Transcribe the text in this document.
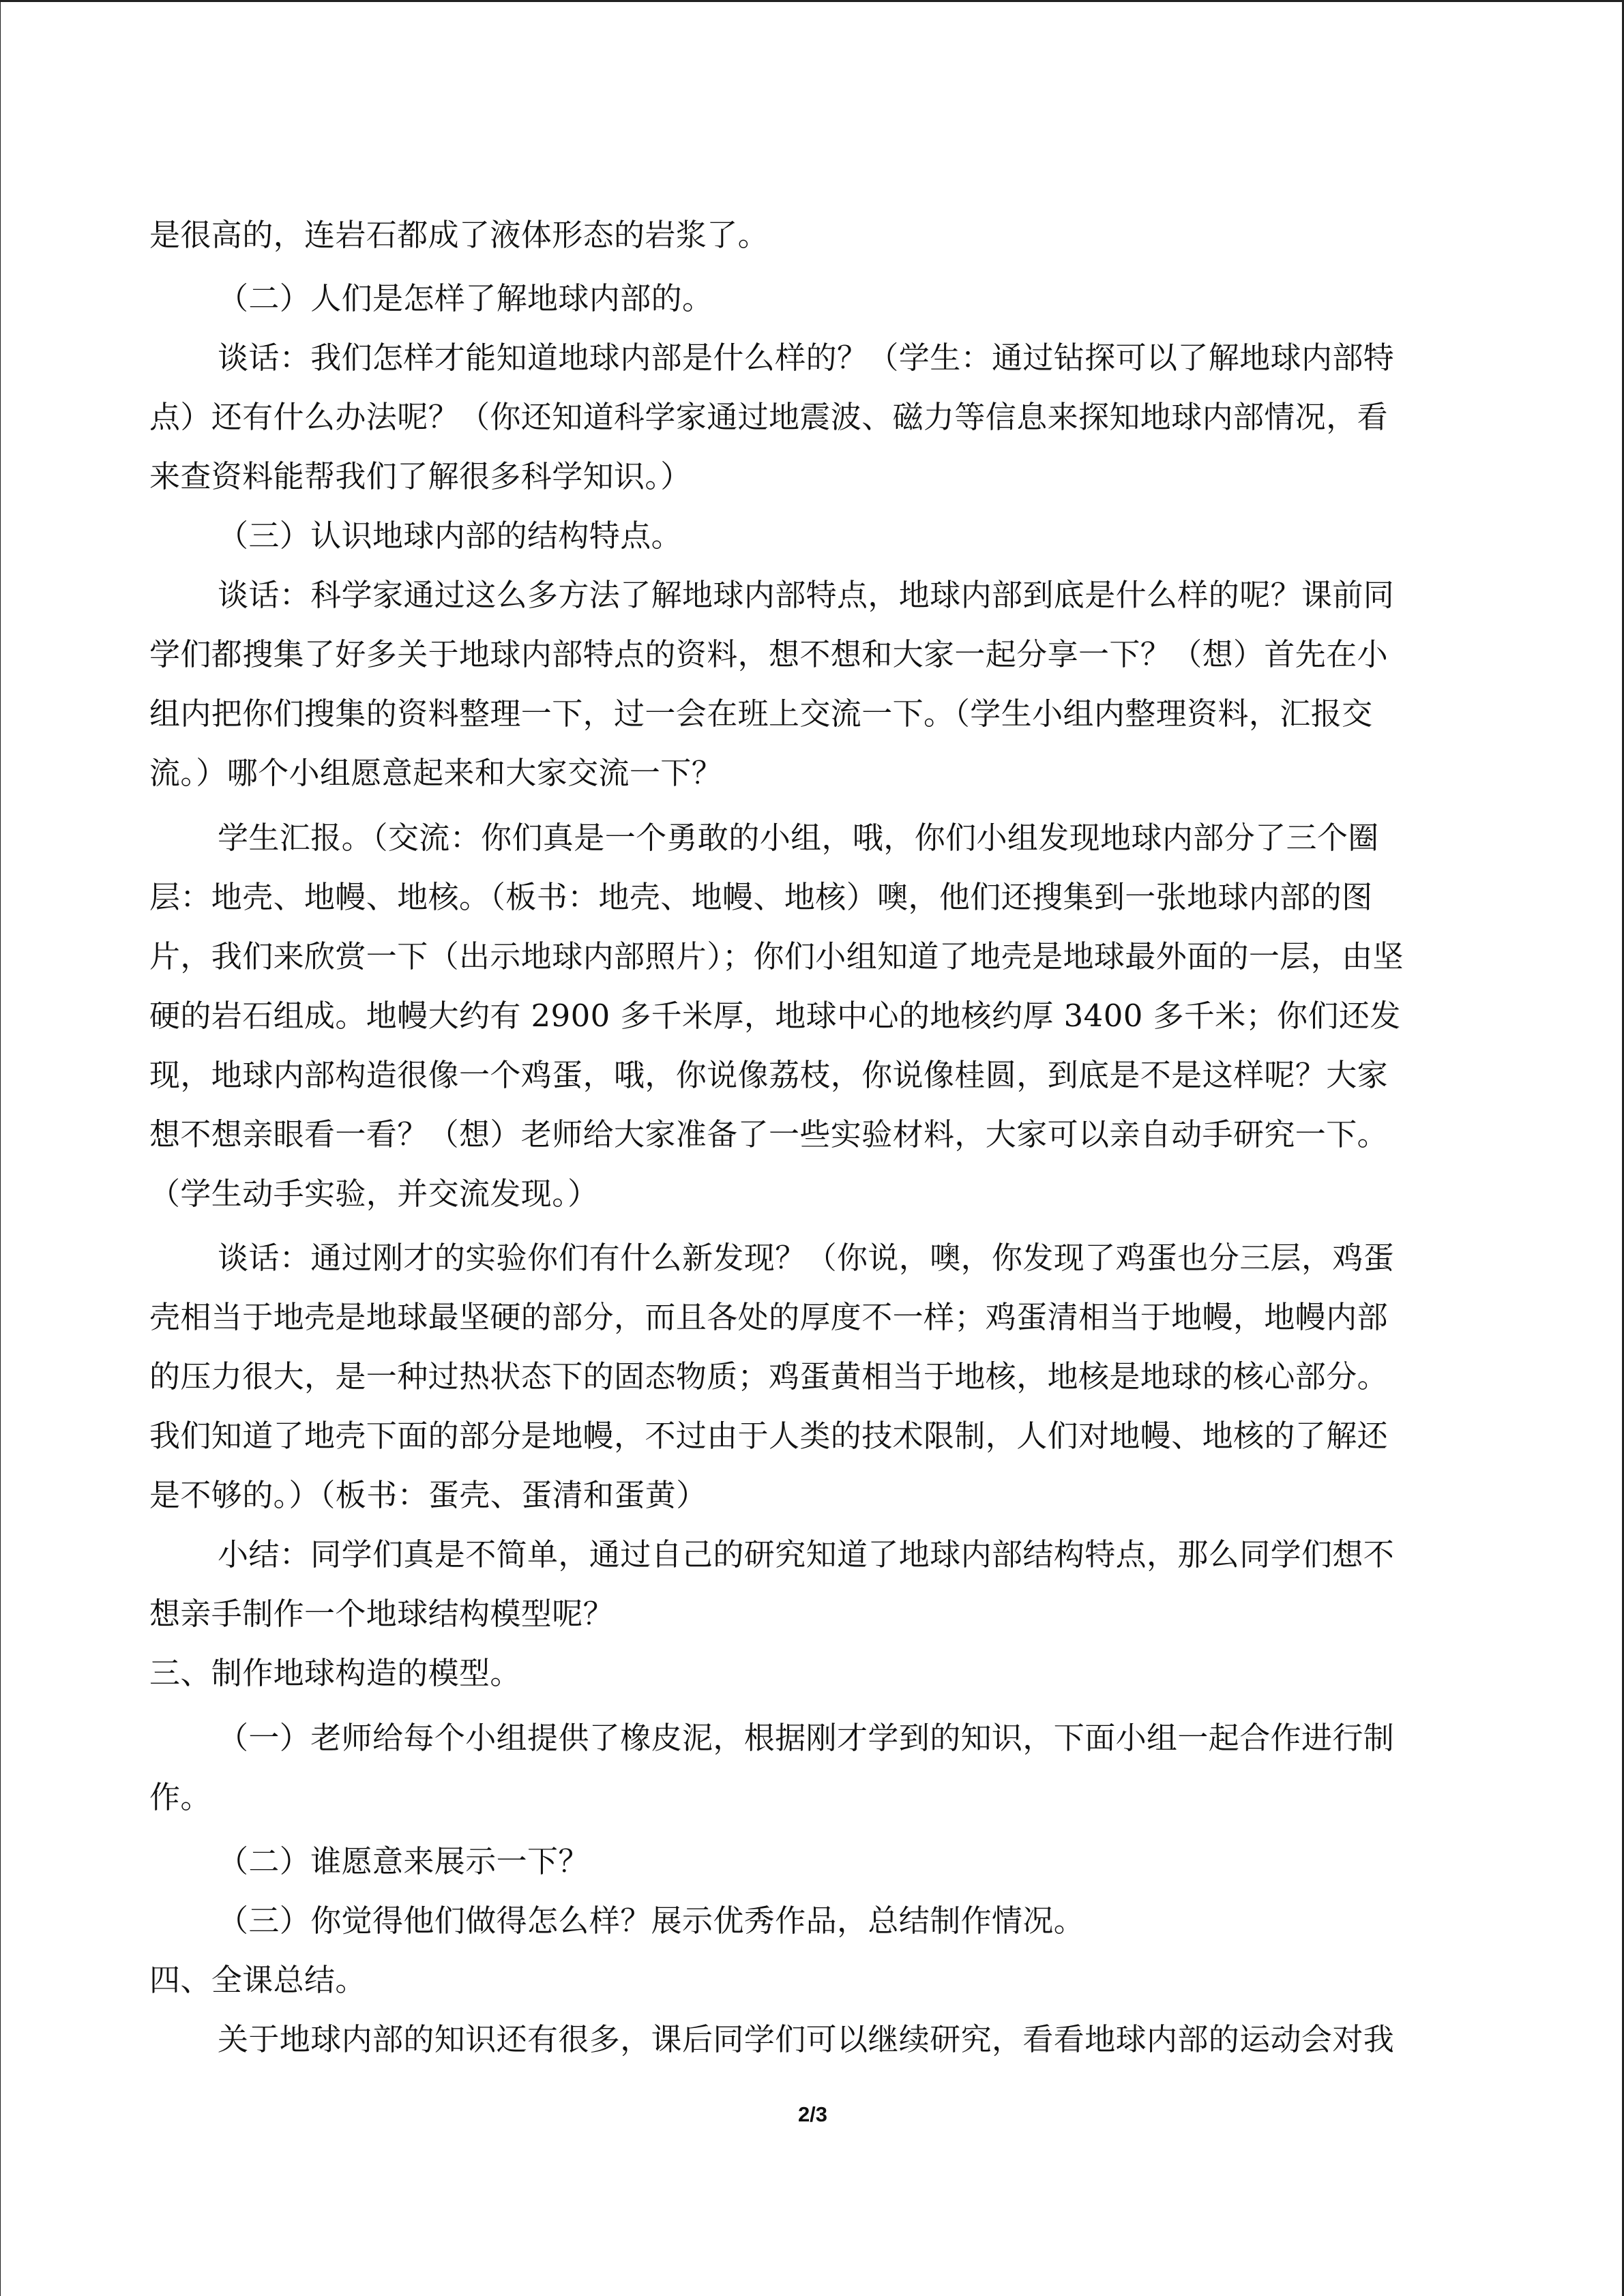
是很高的，连岩石都成了液体形态的岩浆了。
（二）人们是怎样了解地球内部的。
谈话：我们怎样才能知道地球内部是什么样的？（学生：通过钻探可以了解地球内部特
点）还有什么办法呢？（你还知道科学家通过地震波、磁力等信息来探知地球内部情况，看
来查资料能帮我们了解很多科学知识。）
（三）认识地球内部的结构特点。
谈话：科学家通过这么多方法了解地球内部特点，地球内部到底是什么样的呢？课前同
学们都搜集了好多关于地球内部特点的资料，想不想和大家一起分享一下？（想）首先在小
组内把你们搜集的资料整理一下，过一会在班上交流一下。（学生小组内整理资料，汇报交
流。）哪个小组愿意起来和大家交流一下？
学生汇报。（交流：你们真是一个勇敢的小组，哦，你们小组发现地球内部分了三个圈
层：地壳、地幔、地核。（板书：地壳、地幔、地核）噢，他们还搜集到一张地球内部的图
片，我们来欣赏一下（出示地球内部照片）；你们小组知道了地壳是地球最外面的一层，由坚
硬的岩石组成。地幔大约有 2900 多千米厚，地球中心的地核约厚 3400 多千米；你们还发
现，地球内部构造很像一个鸡蛋，哦，你说像荔枝，你说像桂圆，到底是不是这样呢？大家
想不想亲眼看一看？（想）老师给大家准备了一些实验材料，大家可以亲自动手研究一下。
（学生动手实验，并交流发现。）
谈话：通过刚才的实验你们有什么新发现？（你说，噢，你发现了鸡蛋也分三层，鸡蛋
壳相当于地壳是地球最坚硬的部分，而且各处的厚度不一样；鸡蛋清相当于地幔，地幔内部
的压力很大，是一种过热状态下的固态物质；鸡蛋黄相当于地核，地核是地球的核心部分。
我们知道了地壳下面的部分是地幔，不过由于人类的技术限制，人们对地幔、地核的了解还
是不够的。）（板书：蛋壳、蛋清和蛋黄）
小结：同学们真是不简单，通过自己的研究知道了地球内部结构特点，那么同学们想不
想亲手制作一个地球结构模型呢？
三、制作地球构造的模型。
（一）老师给每个小组提供了橡皮泥，根据刚才学到的知识，下面小组一起合作进行制
作。
（二）谁愿意来展示一下？
（三）你觉得他们做得怎么样？展示优秀作品，总结制作情况。
四、全课总结。
关于地球内部的知识还有很多，课后同学们可以继续研究，看看地球内部的运动会对我
2/3
